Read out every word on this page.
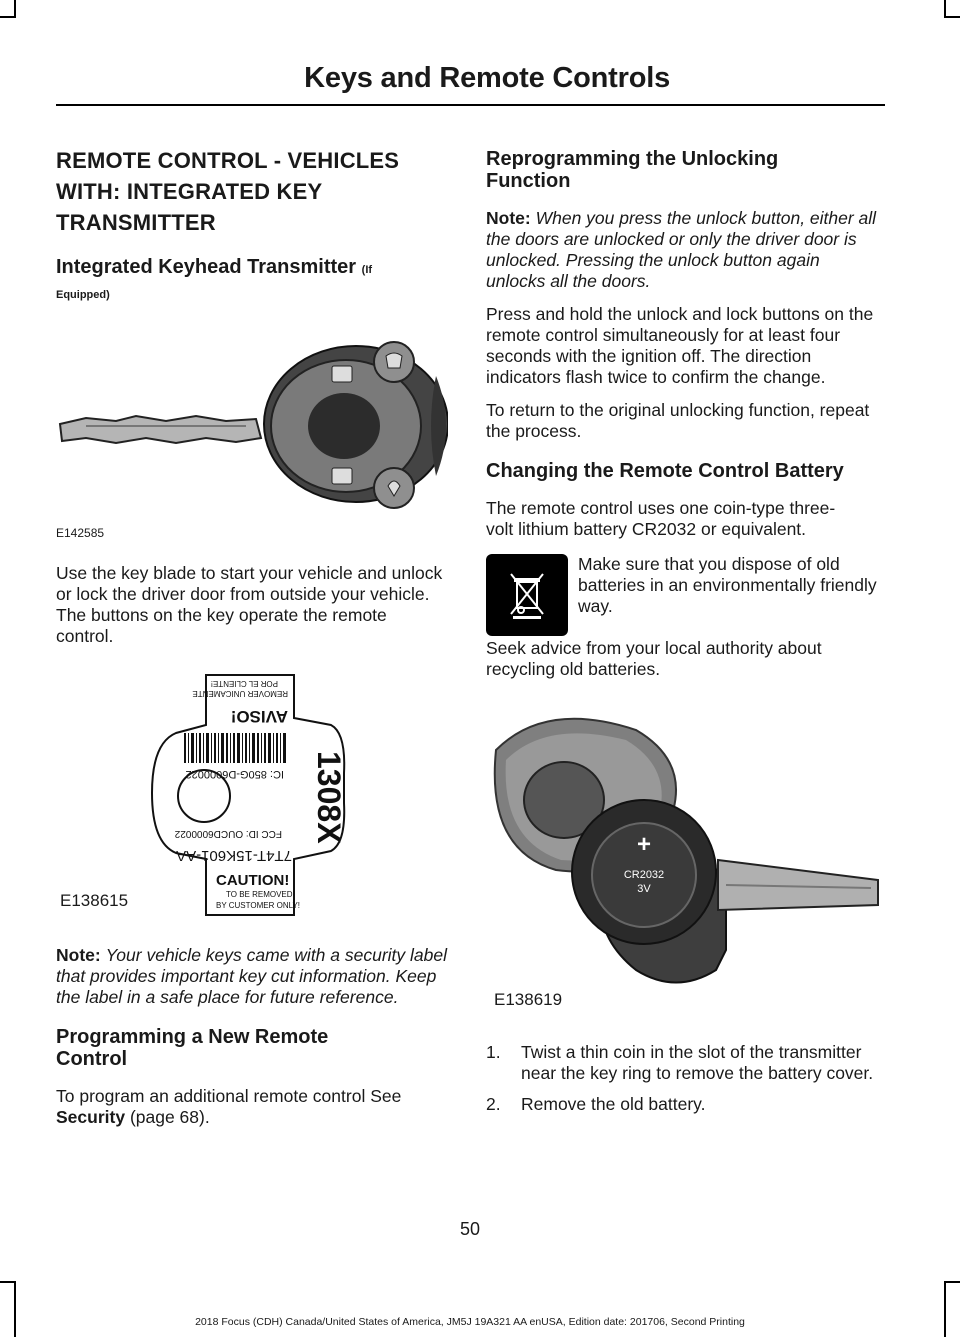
Keys and Remote Controls
REMOTE CONTROL - VEHICLES
WITH: INTEGRATED KEY
TRANSMITTER
Integrated Keyhead Transmitter (If
Equipped)
E142585

Use the key blade to start your vehicle and unlock or lock the driver door from outside your vehicle. The buttons on the key operate the remote control.

AVISO!
REMOVER UNICAMENTE
POR EL CLIENTE!
IC: 850G-D6000022
FCC ID: OUCD6000022
7T4T-15K601-AA
1308X
CAUTION!
TO BE REMOVED
BY CUSTOMER ONLY!
E138615

Note: Your vehicle keys came with a security label that provides important key cut information. Keep the label in a safe place for future reference.

Programming a New Remote Control

To program an additional remote control See Security (page 68).

Reprogramming the Unlocking Function

Note: When you press the unlock button, either all the doors are unlocked or only the driver door is unlocked. Pressing the unlock button again unlocks all the doors.

Press and hold the unlock and lock buttons on the remote control simultaneously for at least four seconds with the ignition off. The direction indicators flash twice to confirm the change.

To return to the original unlocking function, repeat the process.

Changing the Remote Control Battery

The remote control uses one coin-type three-volt lithium battery CR2032 or equivalent.

Make sure that you dispose of old batteries in an environmentally friendly way.

Seek advice from your local authority about recycling old batteries.

+
CR2032
3V
E138619
1.	Twist a thin coin in the slot of the transmitter near the key ring to remove the battery cover.
2.	Remove the old battery.
50
2018 Focus (CDH) Canada/United States of America, JM5J 19A321 AA enUSA, Edition date: 201706, Second Printing
